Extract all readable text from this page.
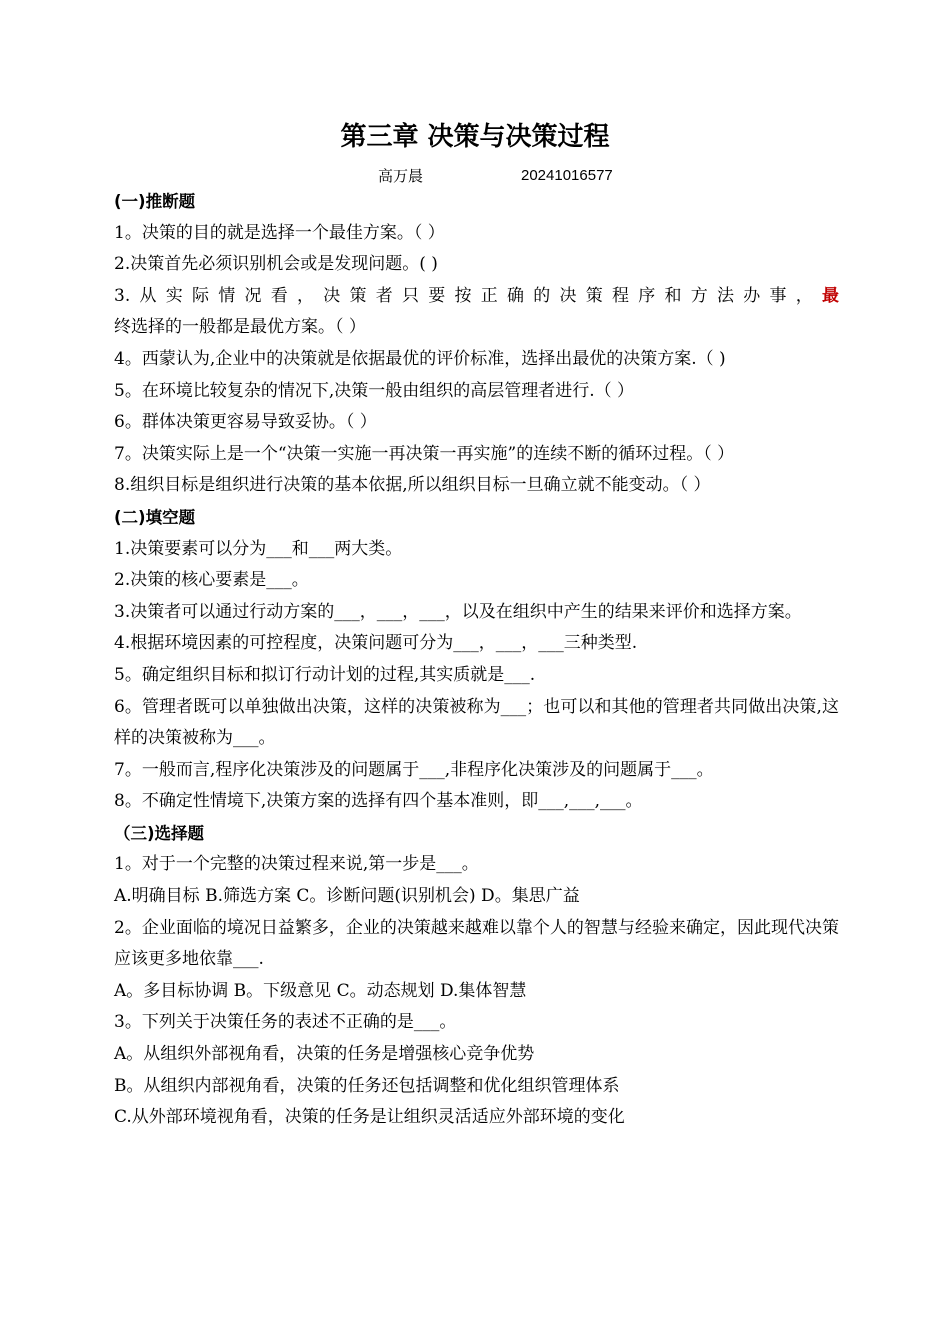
第三章 决策与决策过程
高万晨	20241016577

(一)推断题

1。决策的目的就是选择一个最佳方案。（ ）

2.决策首先必须识别机会或是发现问题。( )

3.从实际情况看，决策者只要按正确的决策程序和方法办事，最终选择的一般都是最优方案。（ ）

4。西蒙认为,企业中的决策就是依据最优的评价标准，选择出最优的决策方案.（ )

5。在环境比较复杂的情况下,决策一般由组织的高层管理者进行.（ ）

6。群体决策更容易导致妥协。（ ）

7。决策实际上是一个“决策一实施一再决策一再实施”的连续不断的循环过程。（ ）

8.组织目标是组织进行决策的基本依据,所以组织目标一旦确立就不能变动。（ ）

(二)填空题

1.决策要素可以分为___和___两大类。

2.决策的核心要素是___。

3.决策者可以通过行动方案的___，___，___，以及在组织中产生的结果来评价和选择方案。

4.根据环境因素的可控程度，决策问题可分为___，___，___三种类型.

5。确定组织目标和拟订行动计划的过程,其实质就是___.

6。管理者既可以单独做出决策，这样的决策被称为___；也可以和其他的管理者共同做出决策,这样的决策被称为___。

7。一般而言,程序化决策涉及的问题属于___,非程序化决策涉及的问题属于___。

8。不确定性情境下,决策方案的选择有四个基本准则，即___,___,___。

（三)选择题

1。对于一个完整的决策过程来说,第一步是___。

A.明确目标 B.筛选方案 C。诊断问题(识别机会) D。集思广益

2。企业面临的境况日益繁多，企业的决策越来越难以靠个人的智慧与经验来确定，因此现代决策应该更多地依靠___.

A。多目标协调 B。下级意见 C。动态规划 D.集体智慧

3。下列关于决策任务的表述不正确的是___。

A。从组织外部视角看，决策的任务是增强核心竞争优势

B。从组织内部视角看，决策的任务还包括调整和优化组织管理体系

C.从外部环境视角看，决策的任务是让组织灵活适应外部环境的变化
